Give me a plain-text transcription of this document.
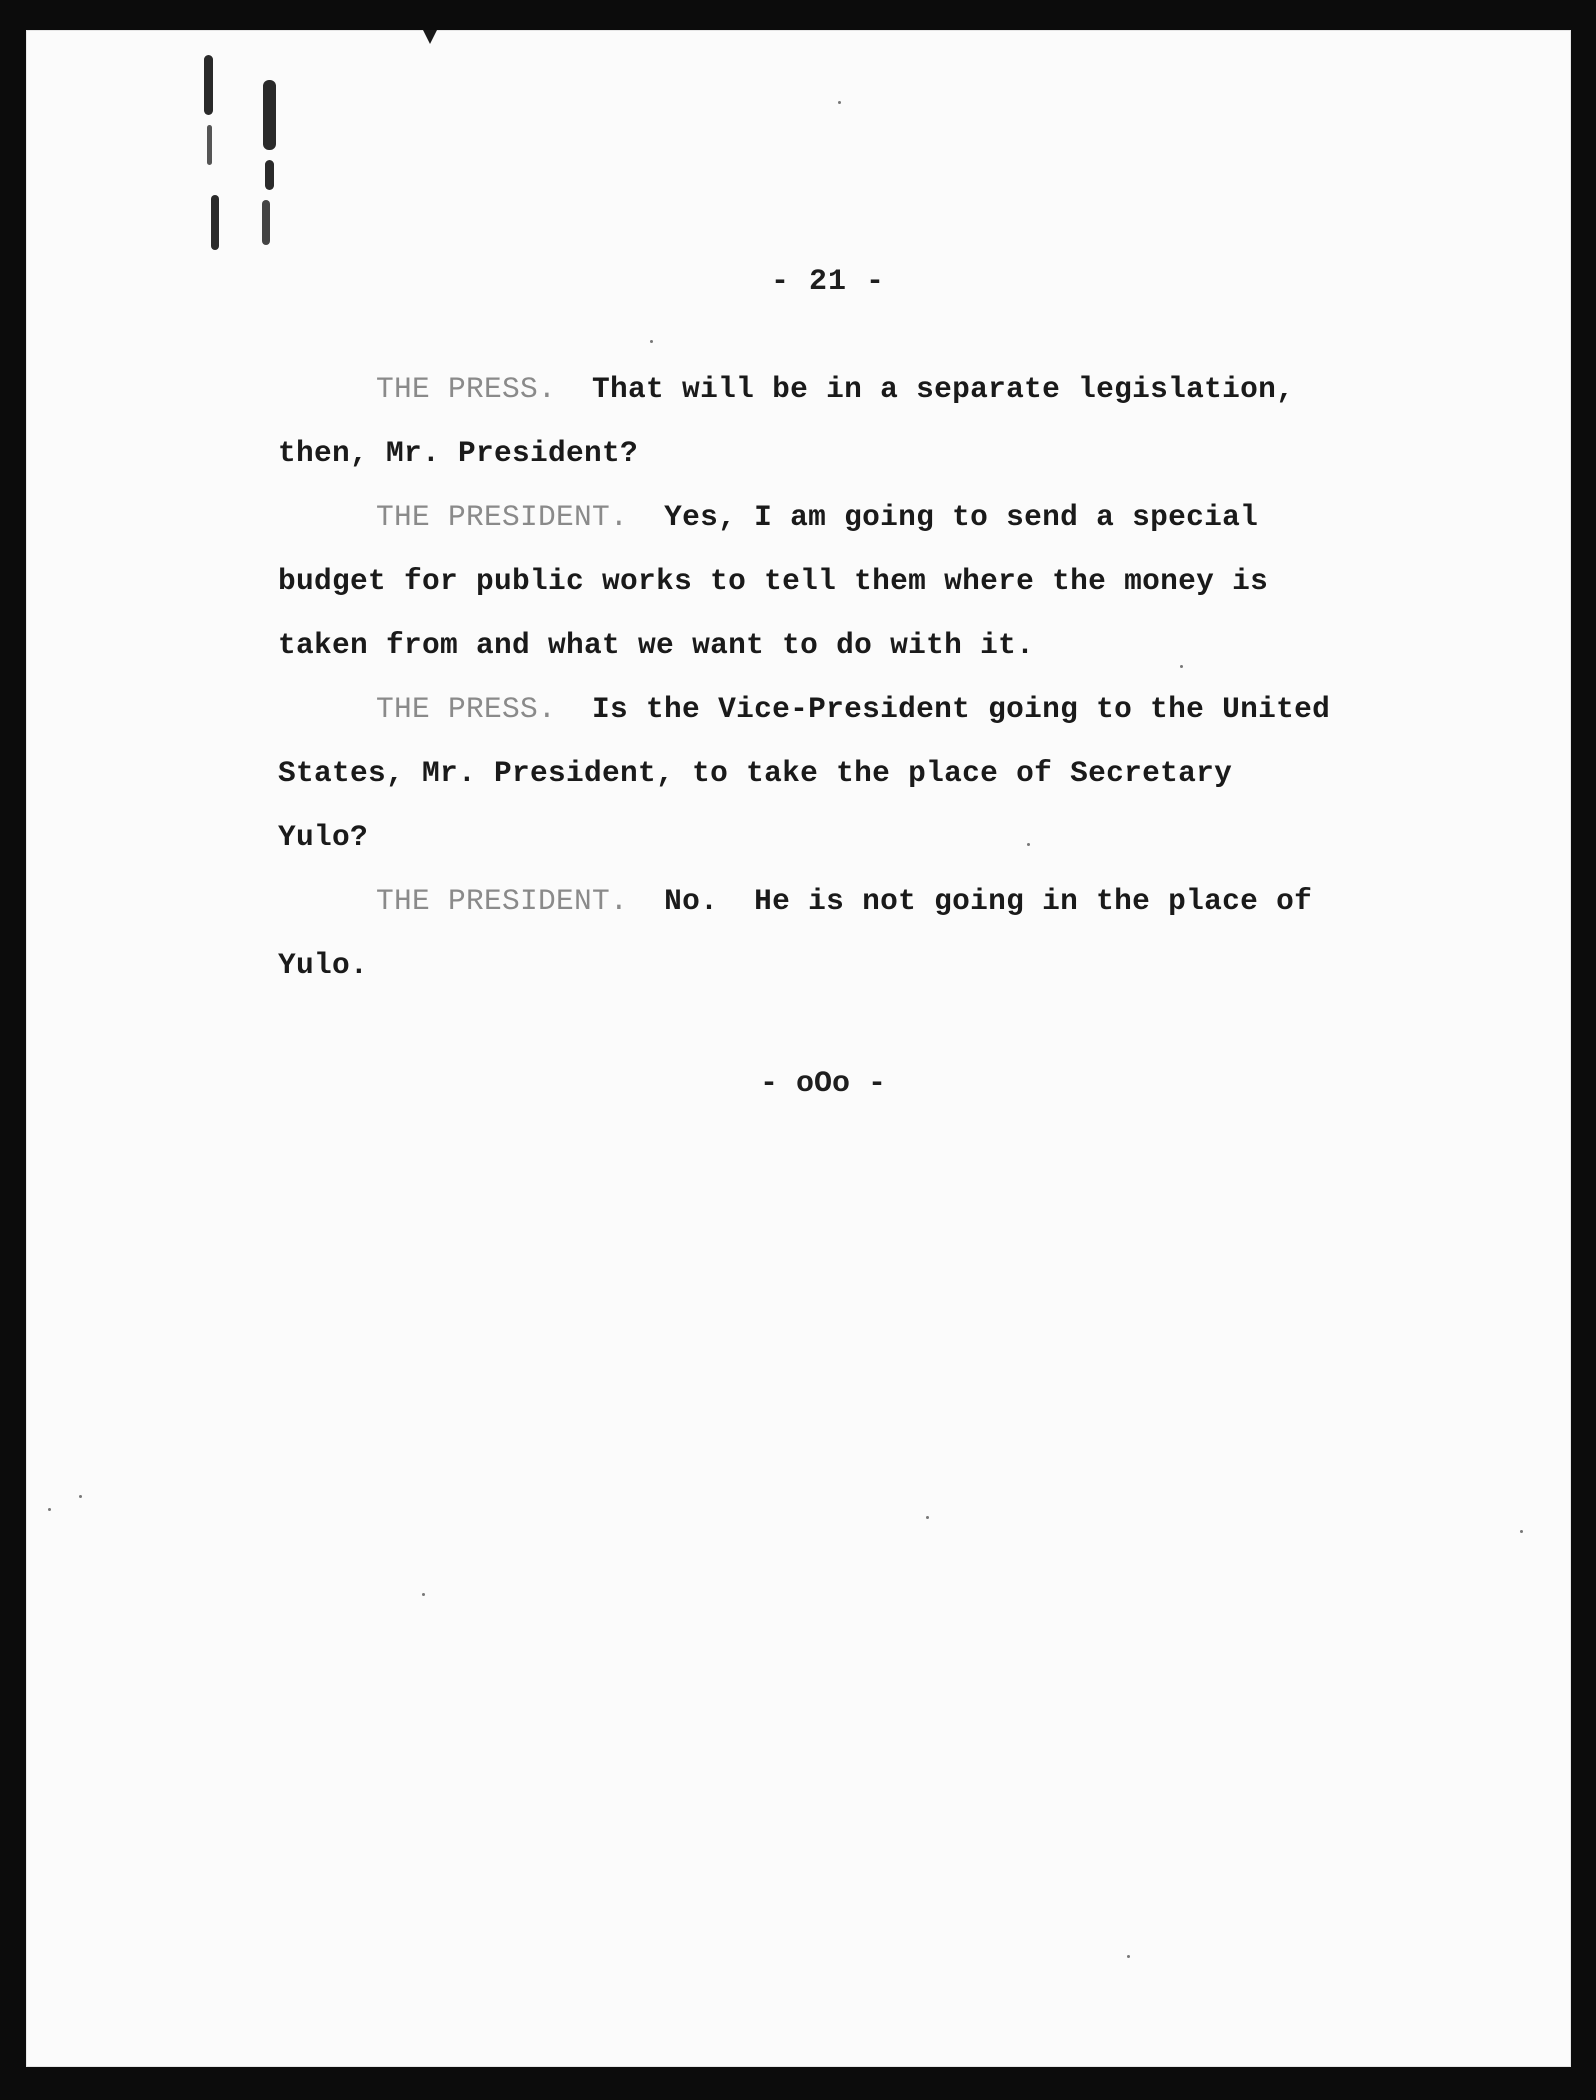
- 21 -
THE PRESS. That will be in a separate legislation,
then, Mr. President?
THE PRESIDENT. Yes, I am going to send a special
budget for public works to tell them where the money is
taken from and what we want to do with it.
THE PRESS. Is the Vice-President going to the United
States, Mr. President, to take the place of Secretary
Yulo?
THE PRESIDENT. No.  He is not going in the place of
Yulo.
- oOo -
